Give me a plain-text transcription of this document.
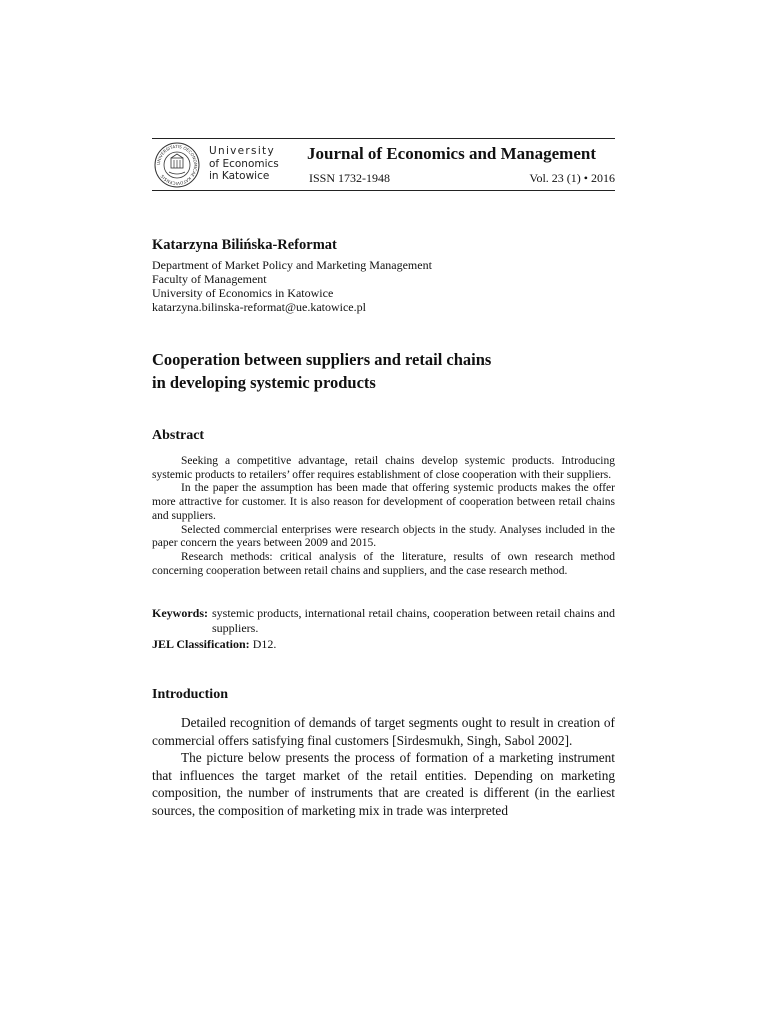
UNIVERSITATIS OECONOMICAE KATOVICENSIS
University
of Economics
in Katowice
Journal of Economics and Management
ISSN 1732-1948	Vol. 23 (1) • 2016
Katarzyna Bilińska-Reformat
Department of Market Policy and Marketing Management
Faculty of Management
University of Economics in Katowice
katarzyna.bilinska-reformat@ue.katowice.pl
Cooperation between suppliers and retail chains
in developing systemic products
Abstract

Seeking a competitive advantage, retail chains develop systemic products. Introducing systemic products to retailers’ offer requires establishment of close cooperation with their suppliers.

In the paper the assumption has been made that offering systemic products makes the offer more attractive for customer. It is also reason for development of cooperation between retail chains and suppliers.

Selected commercial enterprises were research objects in the study. Analyses included in the paper concern the years between 2009 and 2015.

Research methods: critical analysis of the literature, results of own research method concerning cooperation between retail chains and suppliers, and the case research method.

Keywords: systemic products, international retail chains, cooperation between retail chains and suppliers.
JEL Classification: D12.
Introduction

Detailed recognition of demands of target segments ought to result in creation of commercial offers satisfying final customers [Sirdesmukh, Singh, Sabol 2002].

The picture below presents the process of formation of a marketing instrument that influences the target market of the retail entities. Depending on marketing composition, the number of instruments that are created is different (in the earliest sources, the composition of marketing mix in trade was interpreted
